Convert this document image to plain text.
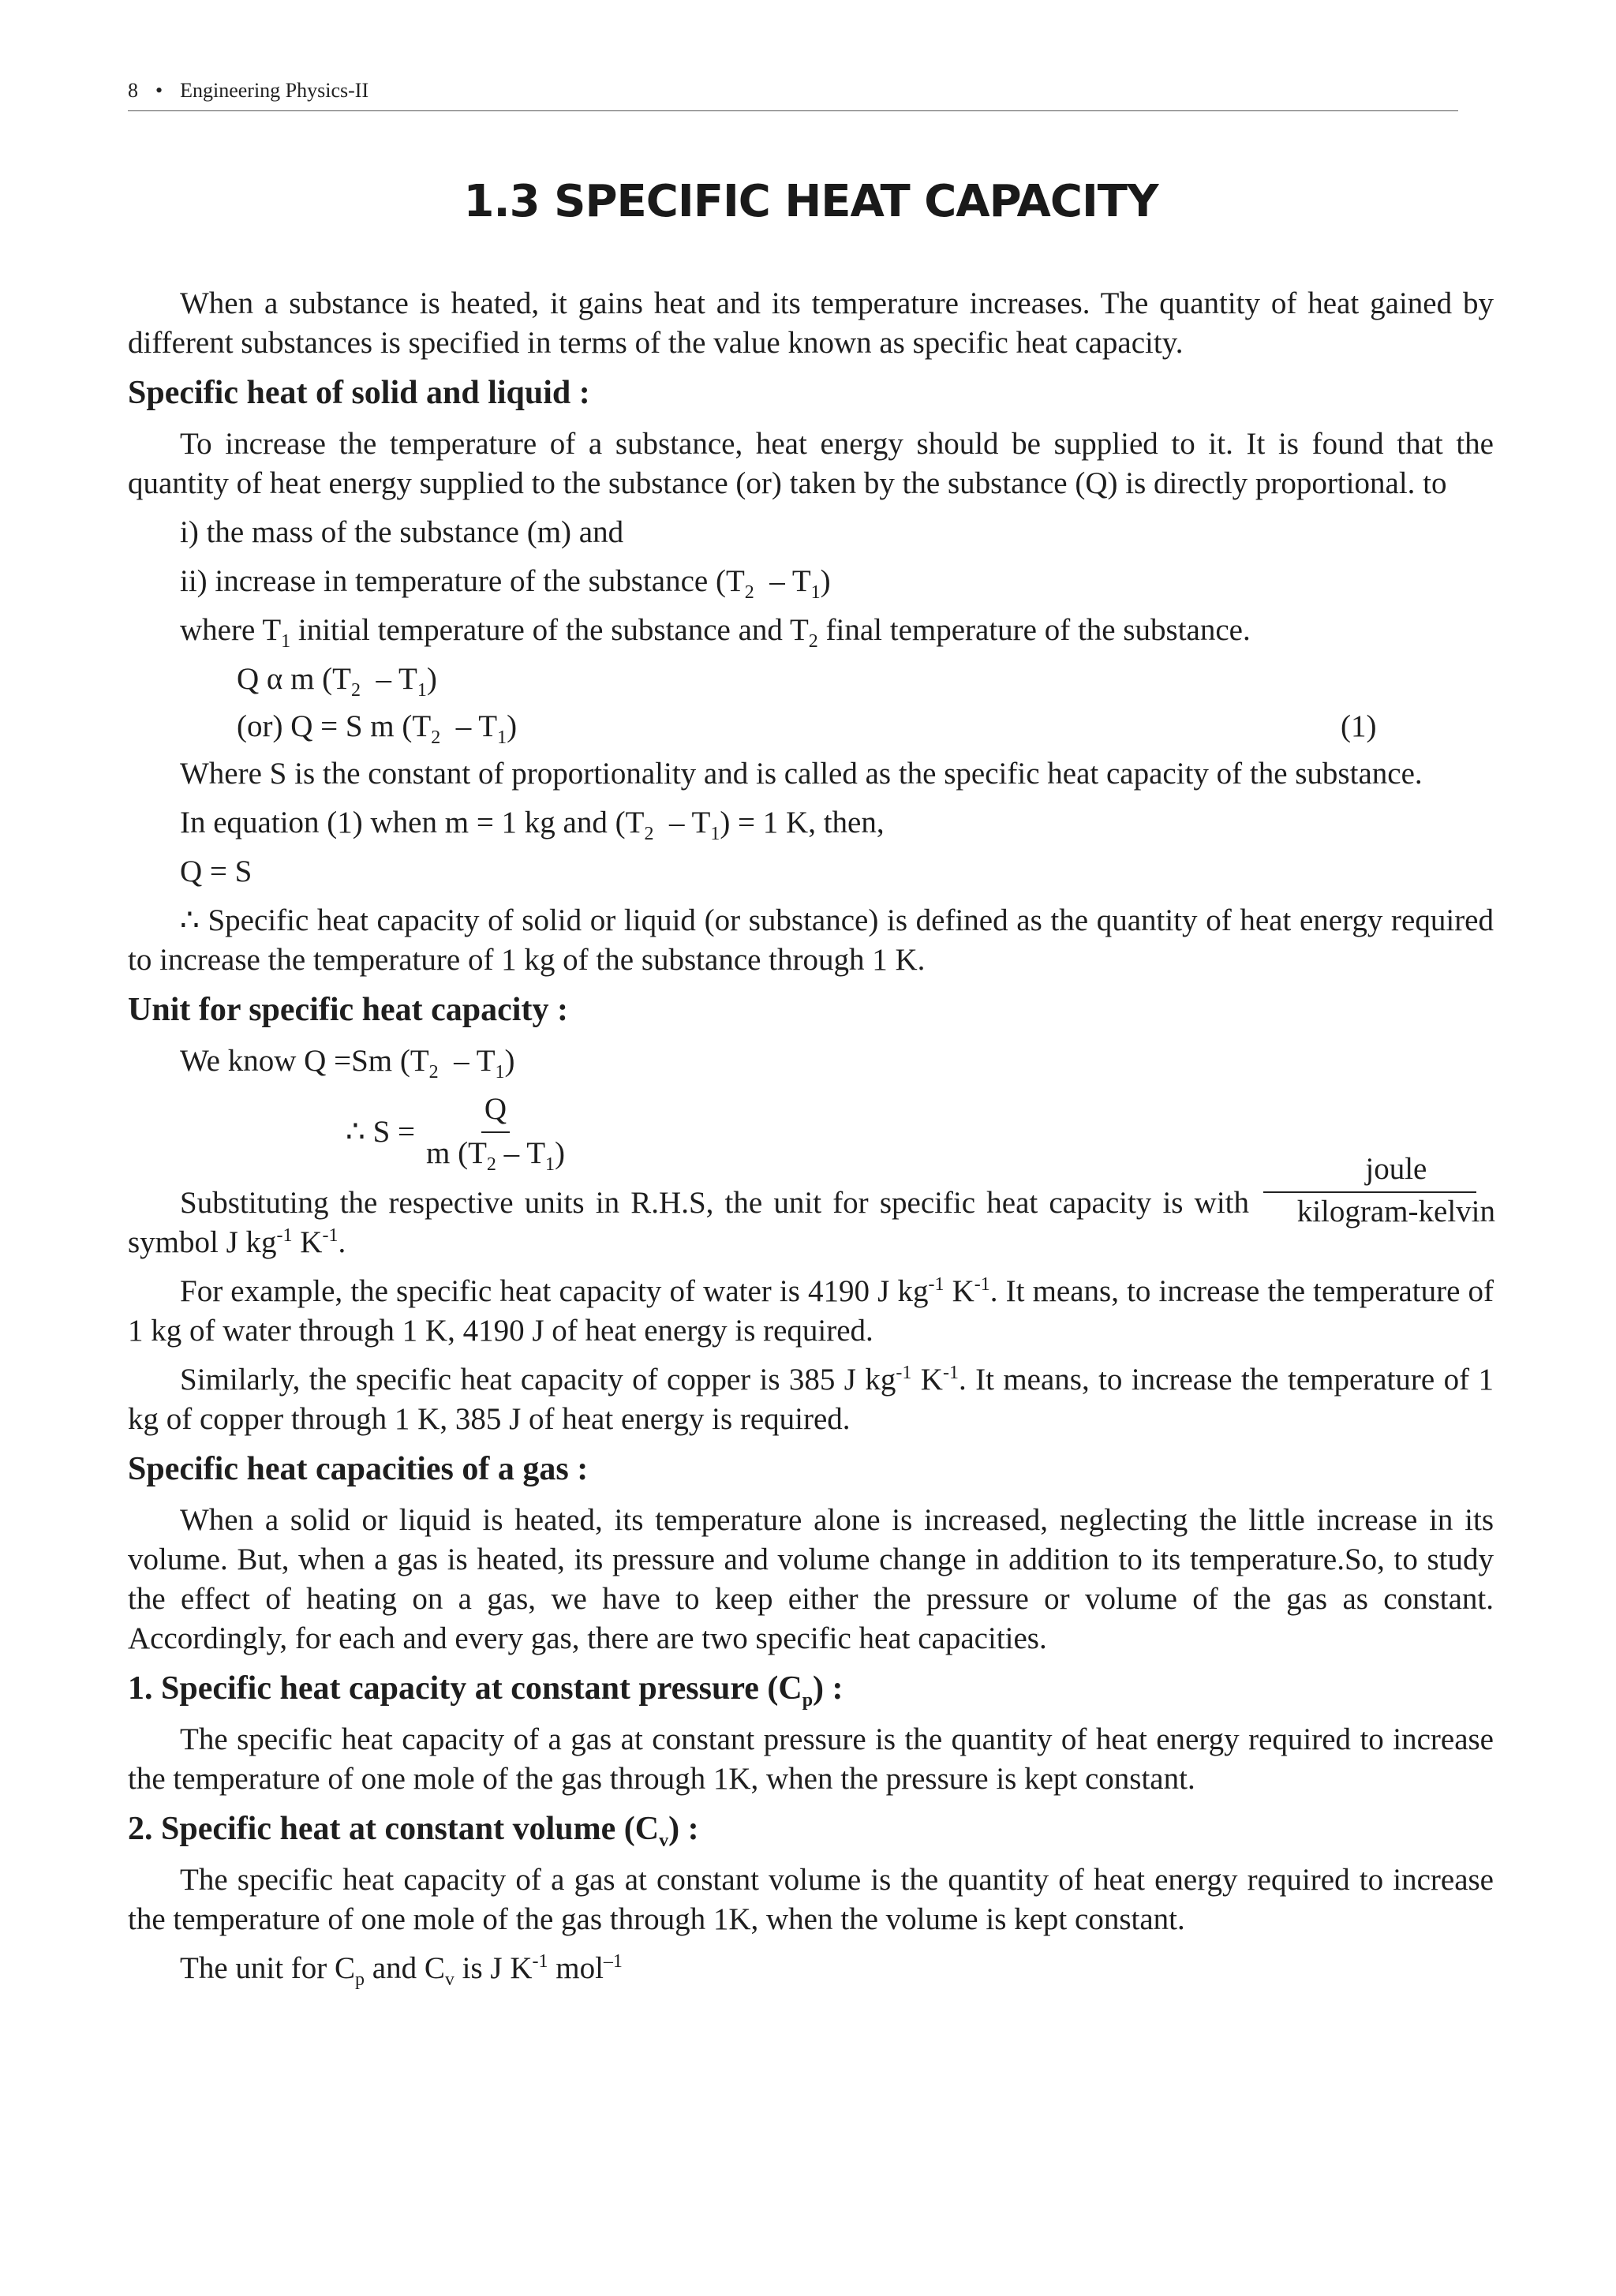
8 • Engineering Physics-II
1.3 SPECIFIC HEAT CAPACITY

When a substance is heated, it gains heat and its temperature increases. The quantity of heat gained by different substances is specified in terms of the value known as specific heat capacity.

Specific heat of solid and liquid :

To increase the temperature of a substance, heat energy should be supplied to it. It is found that the quantity of heat energy supplied to the substance (or) taken by the substance (Q) is directly proportional. to

i) the mass of the substance (m) and

ii) increase in temperature of the substance $(T_2 - T_1)$

where $T_1$ initial temperature of the substance and $T_2$ final temperature of the substance.

Q α m $(T_2 - T_1)$

(or) Q = S m $(T_2 - T_1)$	(1)

Where S is the constant of proportionality and is called as the specific heat capacity of the substance.

In equation (1) when m = 1 kg and $(T_2 - T_1) = 1$ K, then,

Q = S

∴ Specific heat capacity of solid or liquid (or substance) is defined as the quantity of heat energy required to increase the temperature of 1 kg of the substance through 1 K.

Unit for specific heat capacity :

We know Q =Sm $(T_2 - T_1)$

∴ $S = \frac{Q}{m (T_2 - T_1)}$

Substituting the respective units in R.H.S, the unit for specific heat capacity is with symbol J $kg^{-1}$ $K^{-1}$.
joule
kilogram-kelvin

For example, the specific heat capacity of water is 4190 J $kg^{-1}$ $K^{-1}$. It means, to increase the temperature of 1 kg of water through 1 K, 4190 J of heat energy is required.

Similarly, the specific heat capacity of copper is 385 J $kg^{-1}$ $K^{-1}$. It means, to increase the temperature of 1 kg of copper through 1 K, 385 J of heat energy is required.

Specific heat capacities of a gas :

When a solid or liquid is heated, its temperature alone is increased, neglecting the little increase in its volume. But, when a gas is heated, its pressure and volume change in addition to its temperature.So, to study the effect of heating on a gas, we have to keep either the pressure or volume of the gas as constant. Accordingly, for each and every gas, there are two specific heat capacities.

1. Specific heat capacity at constant pressure $(C_p)$ :

The specific heat capacity of a gas at constant pressure is the quantity of heat energy required to increase the temperature of one mole of the gas through 1K, when the pressure is kept constant.

2. Specific heat at constant volume $(C_v)$ :

The specific heat capacity of a gas at constant volume is the quantity of heat energy required to increase the temperature of one mole of the gas through 1K, when the volume is kept constant.

The unit for $C_p$ and $C_v$ is J $K^{-1}$ mol$^{-1}$
